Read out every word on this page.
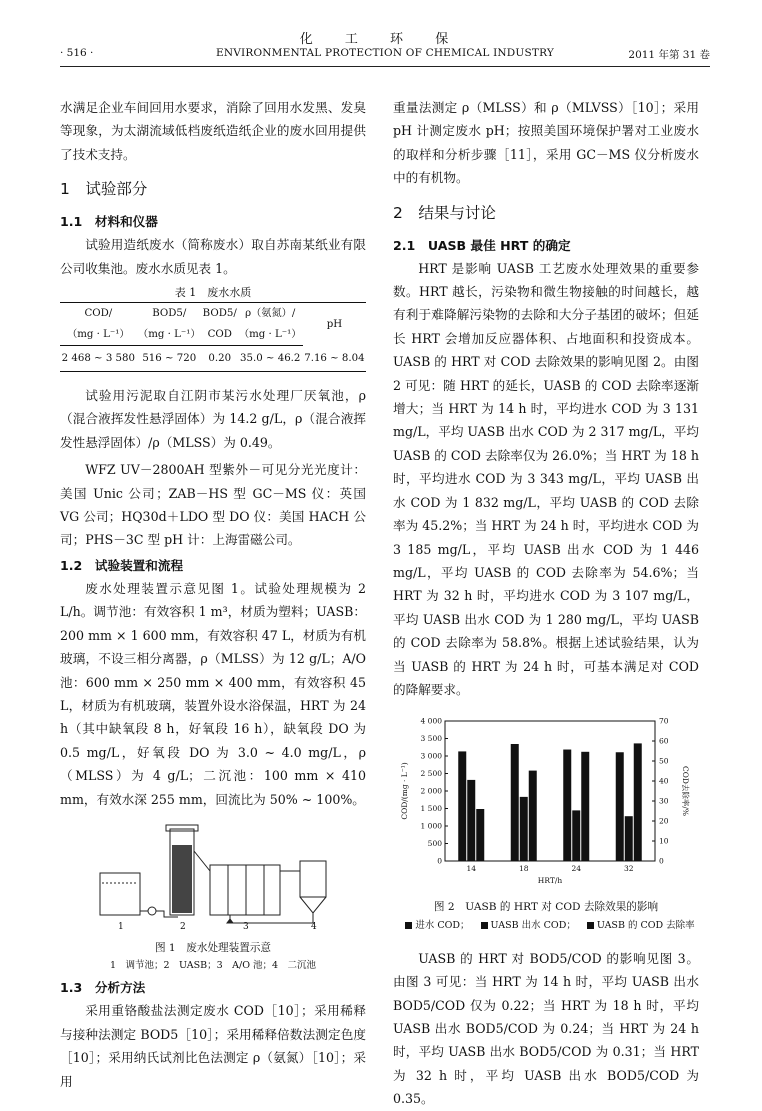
化 工 环 保
· 516 ·	ENVIRONMENTAL PROTECTION OF CHEMICAL INDUSTRY	2011 年第 31 卷

水满足企业车间回用水要求，消除了回用水发黑、发臭等现象，为太湖流域低档废纸造纸企业的废水回用提供了技术支持。

1　试验部分
1.1　材料和仪器

试验用造纸废水（简称废水）取自苏南某纸业有限公司收集池。废水水质见表 1。

表 1　废水水质
COD/	BOD5/	BOD5/	ρ（氨氮）/	pH
（mg · L⁻¹）	（mg · L⁻¹）	COD	（mg · L⁻¹）	
2 468 ~ 3 580	516 ~ 720	0.20	35.0 ~ 46.2	7.16 ~ 8.04

试验用污泥取自江阴市某污水处理厂厌氧池，ρ（混合液挥发性悬浮固体）为 14.2 g/L，ρ（混合液挥发性悬浮固体）/ρ（MLSS）为 0.49。

WFZ UV－2800AH 型紫外－可见分光光度计：美国 Unic 公司；ZAB－HS 型 GC－MS 仪：英国 VG 公司；HQ30d＋LDO 型 DO 仪：美国 HACH 公司；PHS－3C 型 pH 计：上海雷磁公司。

1.2　试验装置和流程

废水处理装置示意见图 1。试验处理规模为 2 L/h。调节池：有效容积 1 m³，材质为塑料；UASB：200 mm × 1 600 mm，有效容积 47 L，材质为有机玻璃，不设三相分离器，ρ（MLSS）为 12 g/L；A/O 池：600 mm × 250 mm × 400 mm，有效容积 45 L，材质为有机玻璃，装置外设水浴保温，HRT 为 24 h（其中缺氧段 8 h，好氧段 16 h），缺氧段 DO 为 0.5 mg/L，好氧段 DO 为 3.0 ~ 4.0 mg/L，ρ（MLSS）为 4 g/L；二沉池：100 mm × 410 mm，有效水深 255 mm，回流比为 50% ~ 100%。

1	2	3	4
图 1　废水处理装置示意
1　调节池；2　UASB；3　A/O 池；4　二沉池
1.3　分析方法

采用重铬酸盐法测定废水 COD［10］；采用稀释与接种法测定 BOD5［10］；采用稀释倍数法测定色度［10］；采用纳氏试剂比色法测定 ρ（氨氮）［10］；采用

重量法测定 ρ（MLSS）和 ρ（MLVSS）［10］；采用 pH 计测定废水 pH；按照美国环境保护署对工业废水的取样和分析步骤［11］，采用 GC－MS 仪分析废水中的有机物。

2　结果与讨论
2.1　UASB 最佳 HRT 的确定

HRT 是影响 UASB 工艺废水处理效果的重要参数。HRT 越长，污染物和微生物接触的时间越长，越有利于难降解污染物的去除和大分子基团的破坏；但延长 HRT 会增加反应器体积、占地面积和投资成本。UASB 的 HRT 对 COD 去除效果的影响见图 2。由图 2 可见：随 HRT 的延长，UASB 的 COD 去除率逐渐增大；当 HRT 为 14 h 时，平均进水 COD 为 3 131 mg/L，平均 UASB 出水 COD 为 2 317 mg/L，平均 UASB 的 COD 去除率仅为 26.0%；当 HRT 为 18 h 时，平均进水 COD 为 3 343 mg/L，平均 UASB 出水 COD 为 1 832 mg/L，平均 UASB 的 COD 去除率为 45.2%；当 HRT 为 24 h 时，平均进水 COD 为 3 185 mg/L，平均 UASB 出水 COD 为 1 446 mg/L，平均 UASB 的 COD 去除率为 54.6%；当 HRT 为 32 h 时，平均进水 COD 为 3 107 mg/L，平均 UASB 出水 COD 为 1 280 mg/L，平均 UASB 的 COD 去除率为 58.8%。根据上述试验结果，认为当 UASB 的 HRT 为 24 h 时，可基本满足对 COD 的降解要求。

0
500
1 000
1 500
2 000
2 500
3 000
3 500
4 000
0
10
20
30
40
50
60
70
14	18	24	32
HRT/h
COD/(mg · L⁻¹)	COD去除率/%
图 2　UASB 的 HRT 对 COD 去除效果的影响
进水 COD； UASB 出水 COD； UASB 的 COD 去除率

UASB 的 HRT 对 BOD5/COD 的影响见图 3。由图 3 可见：当 HRT 为 14 h 时，平均 UASB 出水 BOD5/COD 仅为 0.22；当 HRT 为 18 h 时，平均 UASB 出水 BOD5/COD 为 0.24；当 HRT 为 24 h 时，平均 UASB 出水 BOD5/COD 为 0.31；当 HRT 为 32 h 时，平均 UASB 出水 BOD5/COD 为 0.35。
